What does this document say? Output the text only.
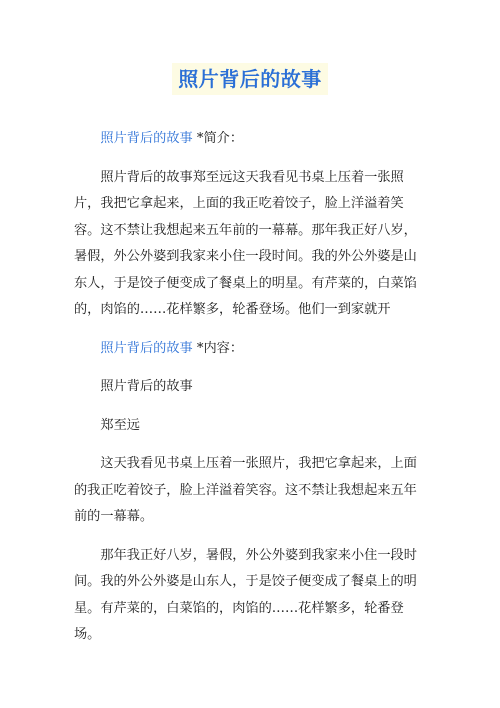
照片背后的故事

照片背后的故事 *简介：

照片背后的故事郑至远这天我看见书桌上压着一张照片，我把它拿起来，上面的我正吃着饺子，脸上洋溢着笑容。这不禁让我想起来五年前的一幕幕。那年我正好八岁，暑假，外公外婆到我家来小住一段时间。我的外公外婆是山东人，于是饺子便变成了餐桌上的明星。有芹菜的，白菜馅的，肉馅的……花样繁多，轮番登场。他们一到家就开

照片背后的故事 *内容：

照片背后的故事

郑至远

这天我看见书桌上压着一张照片，我把它拿起来，上面的我正吃着饺子，脸上洋溢着笑容。这不禁让我想起来五年前的一幕幕。

那年我正好八岁，暑假，外公外婆到我家来小住一段时间。我的外公外婆是山东人，于是饺子便变成了餐桌上的明星。有芹菜的，白菜馅的，肉馅的……花样繁多，轮番登场。
